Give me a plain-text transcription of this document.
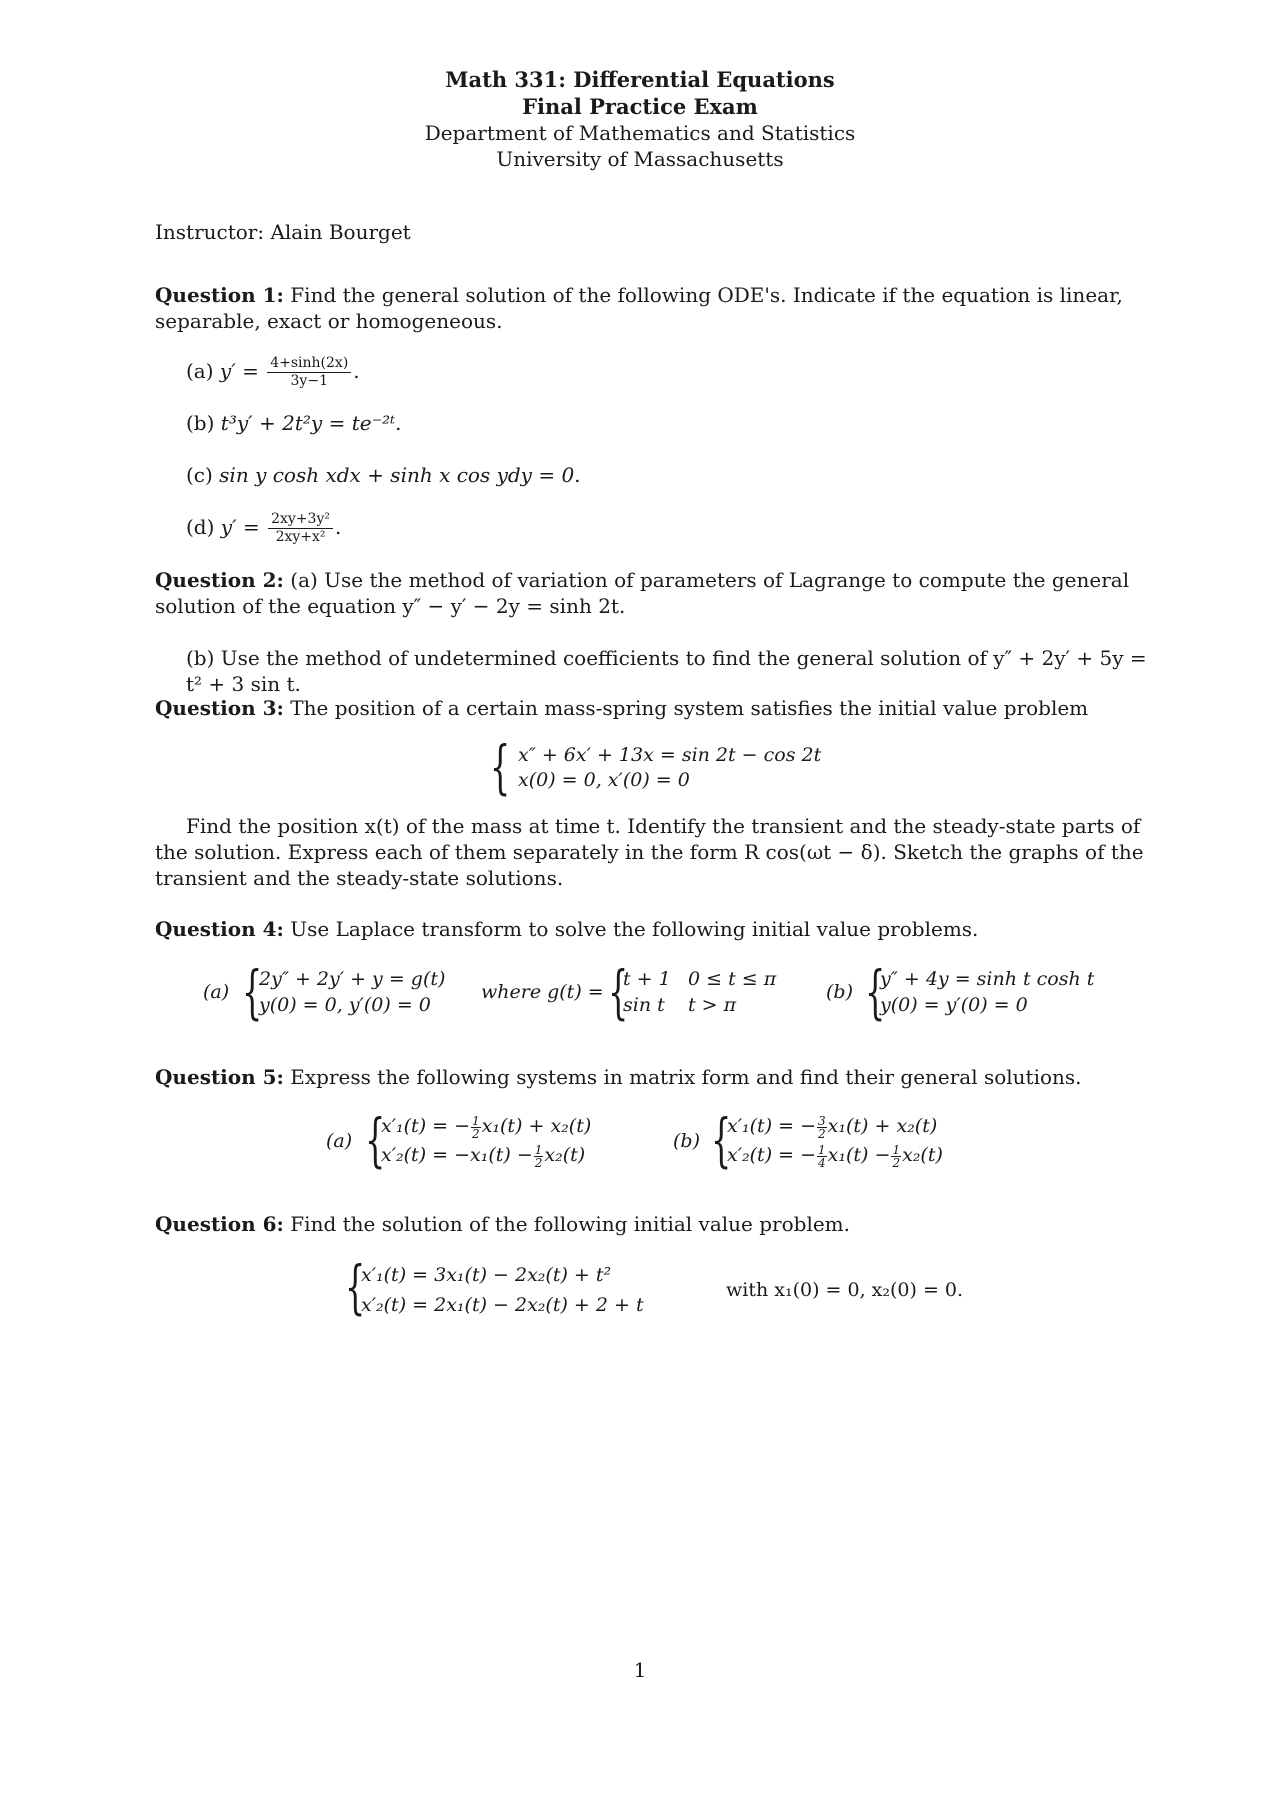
Math 331: Differential Equations
Final Practice Exam
Department of Mathematics and Statistics
University of Massachusetts
Instructor: Alain Bourget
Question 1: Find the general solution of the following ODE's. Indicate if the equation is linear, separable, exact or homogeneous.
(a) $y' = \frac{4+\sinh(2x)}{3y-1}$ .
(b) t³y′ + 2t²y = te⁻²ᵗ.
(c) sin y cosh xdx + sinh x cos ydy = 0.
(d) $y' = \frac{\text{2xy+3y²}}{\text{2xy+x²}}$ .
Question 2: (a) Use the method of variation of parameters of Lagrange to compute the general solution of the equation y″ − y′ − 2y = sinh 2t.
(b) Use the method of undetermined coefficients to find the general solution of y″ + 2y′ + 5y = t² + 3 sin t.
Question 3: The position of a certain mass-spring system satisfies the initial value problem
{ x″ + 6x′ + 13x = sin 2t − cos 2t
x(0) = 0, x′(0) = 0
Find the position x(t) of the mass at time t. Identify the transient and the steady-state parts of the solution. Express each of them separately in the form R cos(ωt − δ). Sketch the graphs of the transient and the steady-state solutions.
Question 4: Use Laplace transform to solve the following initial value problems.
(a) {
2y″ + 2y′ + y = g(t)
y(0) = 0, y′(0) = 0
where g(t) = {
t + 1 0 ≤ t ≤ π
sin t t > π
(b) {
y″ + 4y = sinh t cosh t
y(0) = y′(0) = 0
Question 5: Express the following systems in matrix form and find their general solutions.
(a) {
x′₁(t) = − $\frac{1}{2} x_1(t) + x_2(t)$
$x'_2(t) = -x_1(t) - \frac{1}{2} x_2(t)$
(b) {
x′₁(t) = − $\frac{3}{2} x_1(t) + x_2(t)$
x′₂(t) = − $\frac{1}{4} x_1(t) - \frac{1}{2} x_2(t)$
Question 6: Find the solution of the following initial value problem.
{
x′₁(t) = 3x₁(t) − 2x₂(t) + t²
x′₂(t) = 2x₁(t) − 2x₂(t) + 2 + t
with x₁(0) = 0, x₂(0) = 0.
1
